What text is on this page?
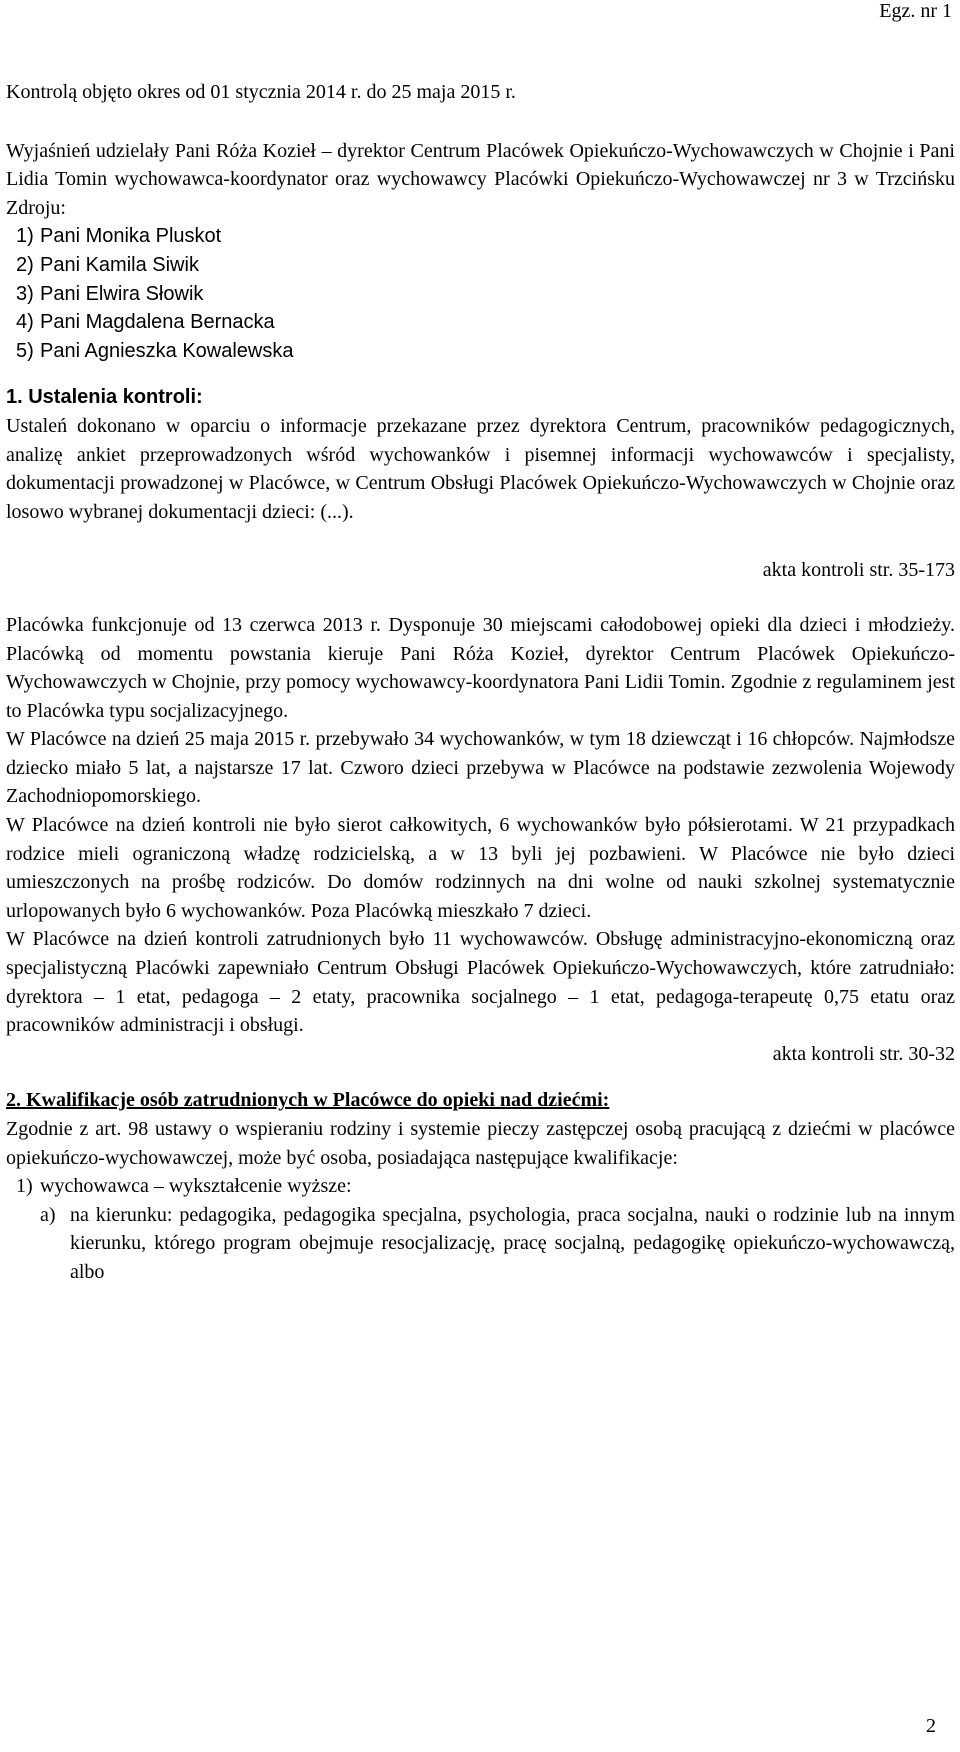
Egz. nr 1

Kontrolą objęto okres od 01 stycznia 2014 r. do 25 maja 2015 r.

Wyjaśnień udzielały Pani Róża Kozieł – dyrektor Centrum Placówek Opiekuńczo-Wychowawczych w Chojnie i Pani Lidia Tomin wychowawca-koordynator oraz wychowawcy Placówki Opiekuńczo-Wychowawczej nr 3 w Trzcińsku Zdroju:

1) Pani Monika Pluskot
2) Pani Kamila Siwik
3) Pani Elwira Słowik
4) Pani Magdalena Bernacka
5) Pani Agnieszka Kowalewska

1. Ustalenia kontroli:

Ustaleń dokonano w oparciu o informacje przekazane przez dyrektora Centrum, pracowników pedagogicznych, analizę ankiet przeprowadzonych wśród wychowanków i pisemnej informacji wychowawców i specjalisty, dokumentacji prowadzonej w Placówce, w Centrum Obsługi Placówek Opiekuńczo-Wychowawczych w Chojnie oraz losowo wybranej dokumentacji dzieci: (...).

akta kontroli str. 35-173

Placówka funkcjonuje od 13 czerwca 2013 r. Dysponuje 30 miejscami całodobowej opieki dla dzieci i młodzieży. Placówką od momentu powstania kieruje Pani Róża Kozieł, dyrektor Centrum Placówek Opiekuńczo-Wychowawczych w Chojnie, przy pomocy wychowawcy-koordynatora Pani Lidii Tomin. Zgodnie z regulaminem jest to Placówka typu socjalizacyjnego.

W Placówce na dzień 25 maja 2015 r. przebywało 34 wychowanków, w tym 18 dziewcząt i 16 chłopców. Najmłodsze dziecko miało 5 lat, a najstarsze 17 lat. Czworo dzieci przebywa w Placówce na podstawie zezwolenia Wojewody Zachodniopomorskiego.

W Placówce na dzień kontroli nie było sierot całkowitych, 6 wychowanków było półsierotami. W 21 przypadkach rodzice mieli ograniczoną władzę rodzicielską, a w 13 byli jej pozbawieni. W Placówce nie było dzieci umieszczonych na prośbę rodziców. Do domów rodzinnych na dni wolne od nauki szkolnej systematycznie urlopowanych było 6 wychowanków. Poza Placówką mieszkało 7 dzieci.

W Placówce na dzień kontroli zatrudnionych było 11 wychowawców. Obsługę administracyjno-ekonomiczną oraz specjalistyczną Placówki zapewniało Centrum Obsługi Placówek Opiekuńczo-Wychowawczych, które zatrudniało: dyrektora – 1 etat, pedagoga – 2 etaty, pracownika socjalnego – 1 etat, pedagoga-terapeutę 0,75 etatu oraz pracowników administracji i obsługi.

akta kontroli str. 30-32

2. Kwalifikacje osób zatrudnionych w Placówce do opieki nad dziećmi:

Zgodnie z art. 98 ustawy o wspieraniu rodziny i systemie pieczy zastępczej osobą pracującą z dziećmi w placówce opiekuńczo-wychowawczej, może być osoba, posiadająca następujące kwalifikacje:

1) wychowawca – wykształcenie wyższe:

a) na kierunku: pedagogika, pedagogika specjalna, psychologia, praca socjalna, nauki o rodzinie lub na innym kierunku, którego program obejmuje resocjalizację, pracę socjalną, pedagogikę opiekuńczo-wychowawczą, albo

2
